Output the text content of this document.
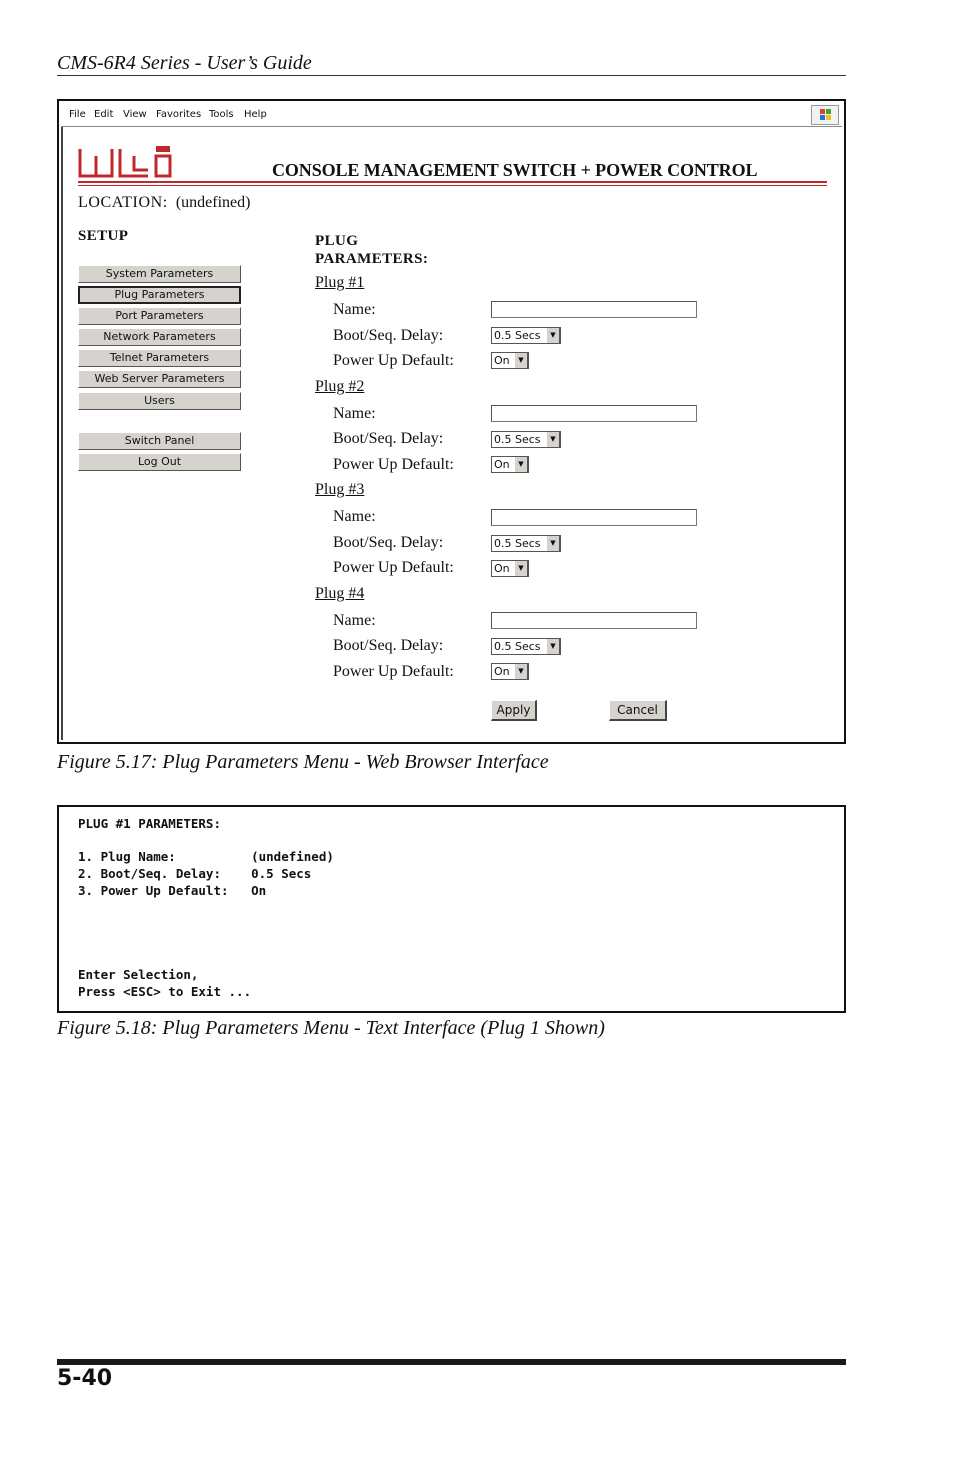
CMS-6R4 Series - User’s Guide
File Edit View Favorites Tools Help
CONSOLE MANAGEMENT SWITCH + POWER CONTROL
LOCATION: (undefined)
SETUP
System Parameters
Plug Parameters
Port Parameters
Network Parameters
Telnet Parameters
Web Server Parameters
Users
Switch Panel
Log Out
PLUG
PARAMETERS:
Plug #1
Name:
Boot/Seq. Delay:	0.5 Secs	▼
Power Up Default:	On	▼
Plug #2
Name:
Boot/Seq. Delay:	0.5 Secs	▼
Power Up Default:	On	▼
Plug #3
Name:
Boot/Seq. Delay:	0.5 Secs	▼
Power Up Default:	On	▼
Plug #4
Name:
Boot/Seq. Delay:	0.5 Secs	▼
Power Up Default:	On	▼
Apply	Cancel
Figure 5.17: Plug Parameters Menu - Web Browser Interface
PLUG #1 PARAMETERS:
1. Plug Name:          (undefined)
2. Boot/Seq. Delay:    0.5 Secs
3. Power Up Default:   On
Enter Selection,
Press <ESC> to Exit ...
Figure 5.18: Plug Parameters Menu - Text Interface (Plug 1 Shown)
5-40
